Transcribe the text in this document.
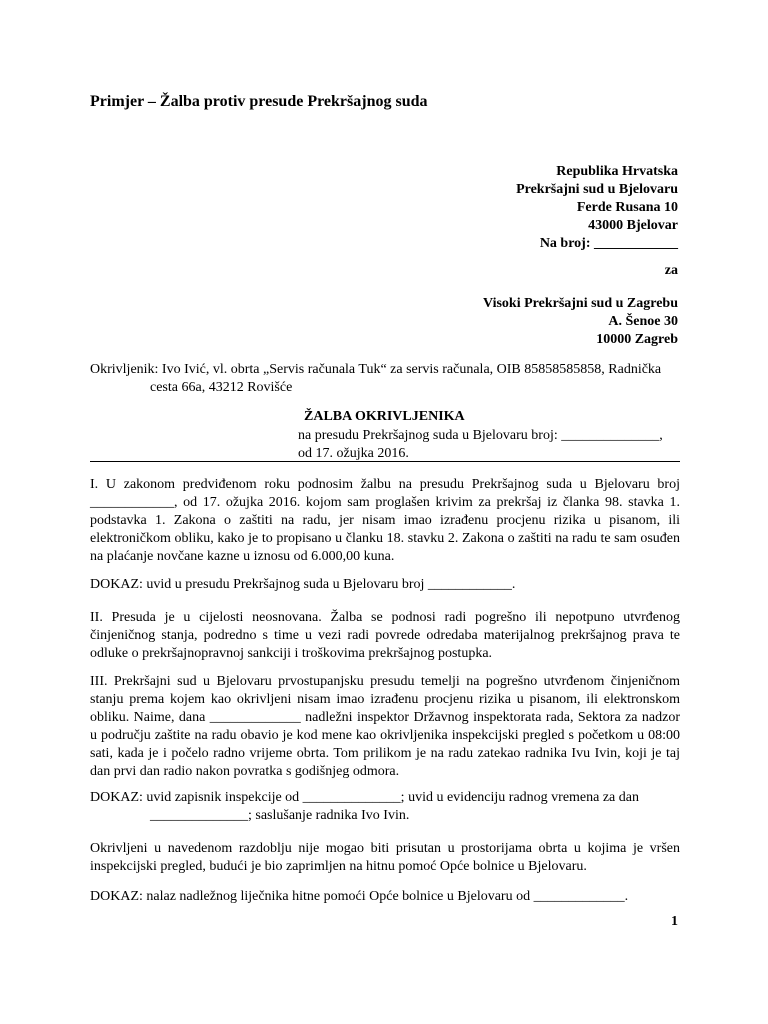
Primjer – Žalba protiv presude Prekršajnog suda
Republika Hrvatska
Prekršajni sud u Bjelovaru
Ferde Rusana 10
43000 Bjelovar
Na broj: ____________
za
Visoki Prekršajni sud u Zagrebu
A. Šenoe 30
10000 Zagreb
Okrivljenik: Ivo Ivić, vl. obrta „Servis računala Tuk“ za servis računala, OIB 85858585858, Radnička
cesta 66a, 43212 Rovišće
ŽALBA OKRIVLJENIKA
na presudu Prekršajnog suda u Bjelovaru broj: ______________,
od 17. ožujka 2016.
I. U zakonom predviđenom roku podnosim žalbu na presudu Prekršajnog suda u Bjelovaru broj ____________, od 17. ožujka 2016. kojom sam proglašen krivim za prekršaj iz članka 98. stavka 1. podstavka 1. Zakona o zaštiti na radu, jer nisam imao izrađenu procjenu rizika u pisanom, ili elektroničkom obliku, kako je to propisano u članku 18. stavku 2. Zakona o zaštiti na radu te sam osuđen na plaćanje novčane kazne u iznosu od 6.000,00 kuna.
DOKAZ: uvid u presudu Prekršajnog suda u Bjelovaru broj ____________.
II. Presuda je u cijelosti neosnovana. Žalba se podnosi radi pogrešno ili nepotpuno utvrđenog činjeničnog stanja, podredno s time u vezi radi povrede odredaba materijalnog prekršajnog prava te odluke o prekršajnopravnoj sankciji i troškovima prekršajnog postupka.
III. Prekršajni sud u Bjelovaru prvostupanjsku presudu temelji na pogrešno utvrđenom činjeničnom stanju prema kojem kao okrivljeni nisam imao izrađenu procjenu rizika u pisanom, ili elektronskom obliku. Naime, dana _____________ nadležni inspektor Državnog inspektorata rada, Sektora za nadzor u području zaštite na radu obavio je kod mene kao okrivljenika inspekcijski pregled s početkom u 08:00 sati, kada je i počelo radno vrijeme obrta. Tom prilikom je na radu zatekao radnika Ivu Ivin, koji je taj dan prvi dan radio nakon povratka s godišnjeg odmora.
DOKAZ: uvid zapisnik inspekcije od ______________; uvid u evidenciju radnog vremena za dan
______________; saslušanje radnika Ivo Ivin.
Okrivljeni u navedenom razdoblju nije mogao biti prisutan u prostorijama obrta u kojima je vršen inspekcijski pregled, budući je bio zaprimljen na hitnu pomoć Opće bolnice u Bjelovaru.
DOKAZ: nalaz nadležnog liječnika hitne pomoći Opće bolnice u Bjelovaru od _____________.
1
